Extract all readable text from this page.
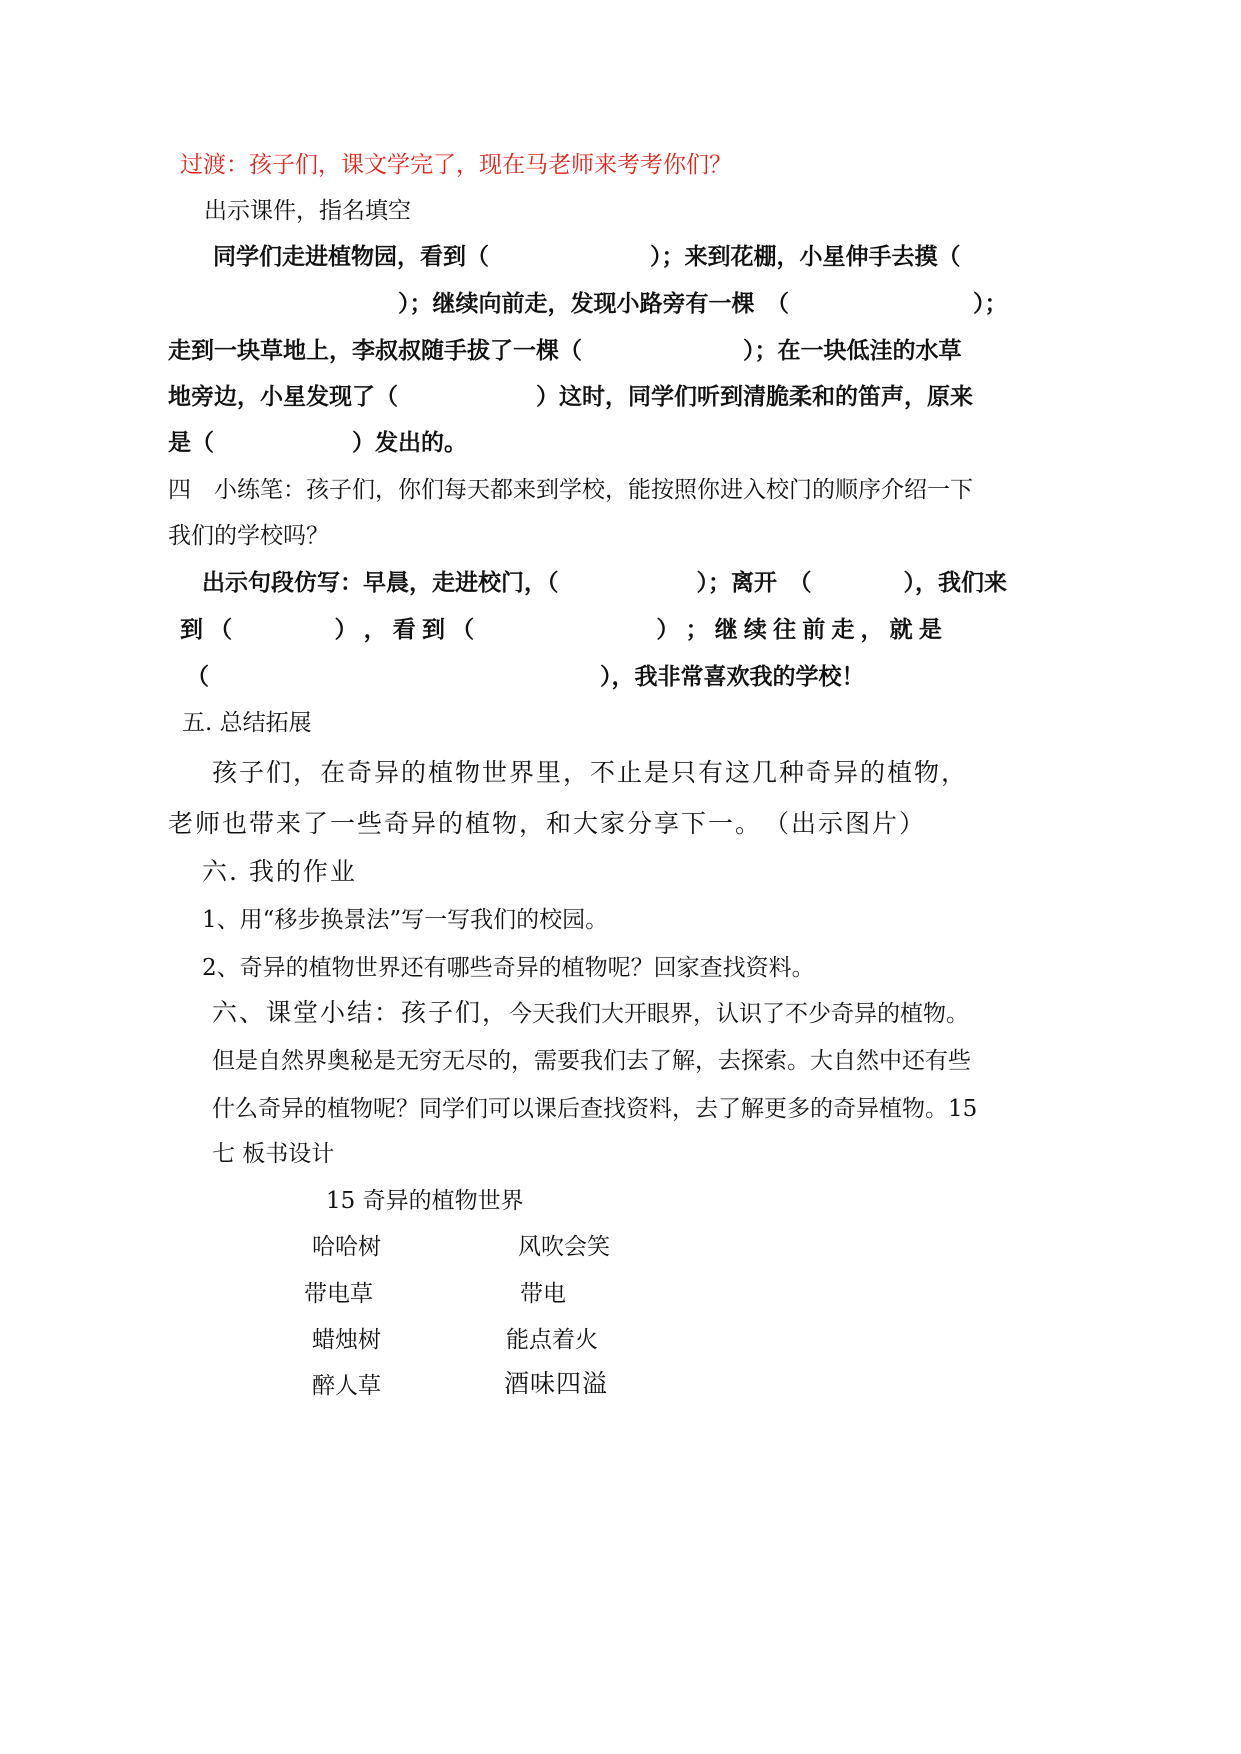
过渡：孩子们，课文学完了，现在马老师来考考你们？
出示课件，指名填空
同学们走进植物园，看到（　　　　　　　）；来到花棚，小星伸手去摸（
　　　　　　　　　　）；继续向前走，发现小路旁有一棵　（　　　　　　　　）；
走到一块草地上，李叔叔随手拔了一棵（　　　　　　　）；在一块低洼的水草
地旁边，小星发现了（　　　　　　）这时，同学们听到清脆柔和的笛声，原来
是（　　　　　　）发出的。
四　小练笔：孩子们，你们每天都来到学校，能按照你进入校门的顺序介绍一下
我们的学校吗？
出示句段仿写：早晨，走进校门，（　　　　　　）；离开　（　　　　），我们来
到 （	） ， 看 到 （	） ； 继 续 往 前 走 ， 就 是
（　　　　　　　　　　　　　　　　　），我非常喜欢我的学校！
五. 总结拓展
孩子们，在奇异的植物世界里，不止是只有这几种奇异的植物，
老师也带来了一些奇异的植物，和大家分享下一。　（出示图片）
六. 我的作业
1、用“移步换景法”写一写我们的校园。
2、奇异的植物世界还有哪些奇异的植物呢？回家查找资料。
六、课堂小结：孩子们，今天我们大开眼界，认识了不少奇异的植物。
但是自然界奥秘是无穷无尽的，需要我们去了解，去探索。大自然中还有些
什么奇异的植物呢？同学们可以课后查找资料，去了解更多的奇异植物。15
七 板书设计
15 奇异的植物世界
哈哈树	风吹会笑
带电草	带电
蜡烛树	能点着火
醉人草	酒味四溢
